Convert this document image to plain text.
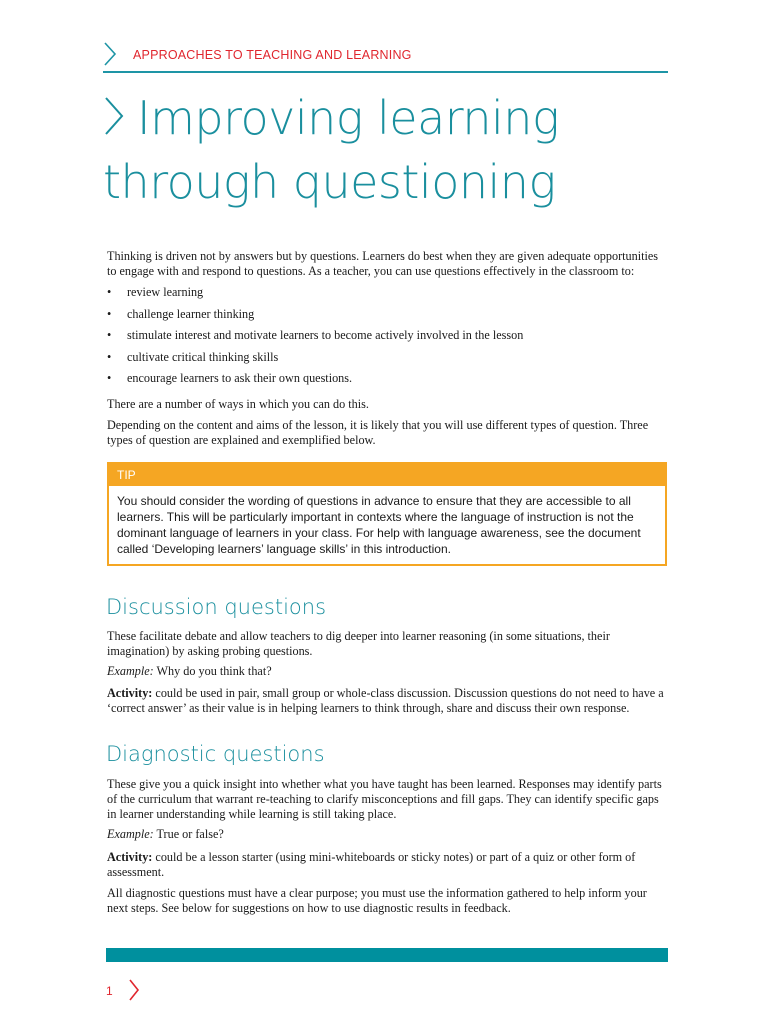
APPROACHES TO TEACHING AND LEARNING
Improving learning
through questioning

Thinking is driven not by answers but by questions. Learners do best when they are given adequate opportunities to engage with and respond to questions. As a teacher, you can use questions effectively in the classroom to:

• review learning
• challenge learner thinking
• stimulate interest and motivate learners to become actively involved in the lesson
• cultivate critical thinking skills
• encourage learners to ask their own questions.

There are a number of ways in which you can do this.

Depending on the content and aims of the lesson, it is likely that you will use different types of question. Three types of question are explained and exemplified below.

TIP
You should consider the wording of questions in advance to ensure that they are accessible to all learners. This will be particularly important in contexts where the language of instruction is not the dominant language of learners in your class. For help with language awareness, see the document called ‘Developing learners’ language skills’ in this introduction.
Discussion questions

These facilitate debate and allow teachers to dig deeper into learner reasoning (in some situations, their imagination) by asking probing questions.

Example: Why do you think that?

Activity: could be used in pair, small group or whole-class discussion. Discussion questions do not need to have a ‘correct answer’ as their value is in helping learners to think through, share and discuss their own response.

Diagnostic questions

These give you a quick insight into whether what you have taught has been learned. Responses may identify parts of the curriculum that warrant re-teaching to clarify misconceptions and fill gaps. They can identify specific gaps in learner understanding while learning is still taking place.

Example: True or false?

Activity: could be a lesson starter (using mini-whiteboards or sticky notes) or part of a quiz or other form of assessment.

All diagnostic questions must have a clear purpose; you must use the information gathered to help inform your next steps. See below for suggestions on how to use diagnostic results in feedback.

1
